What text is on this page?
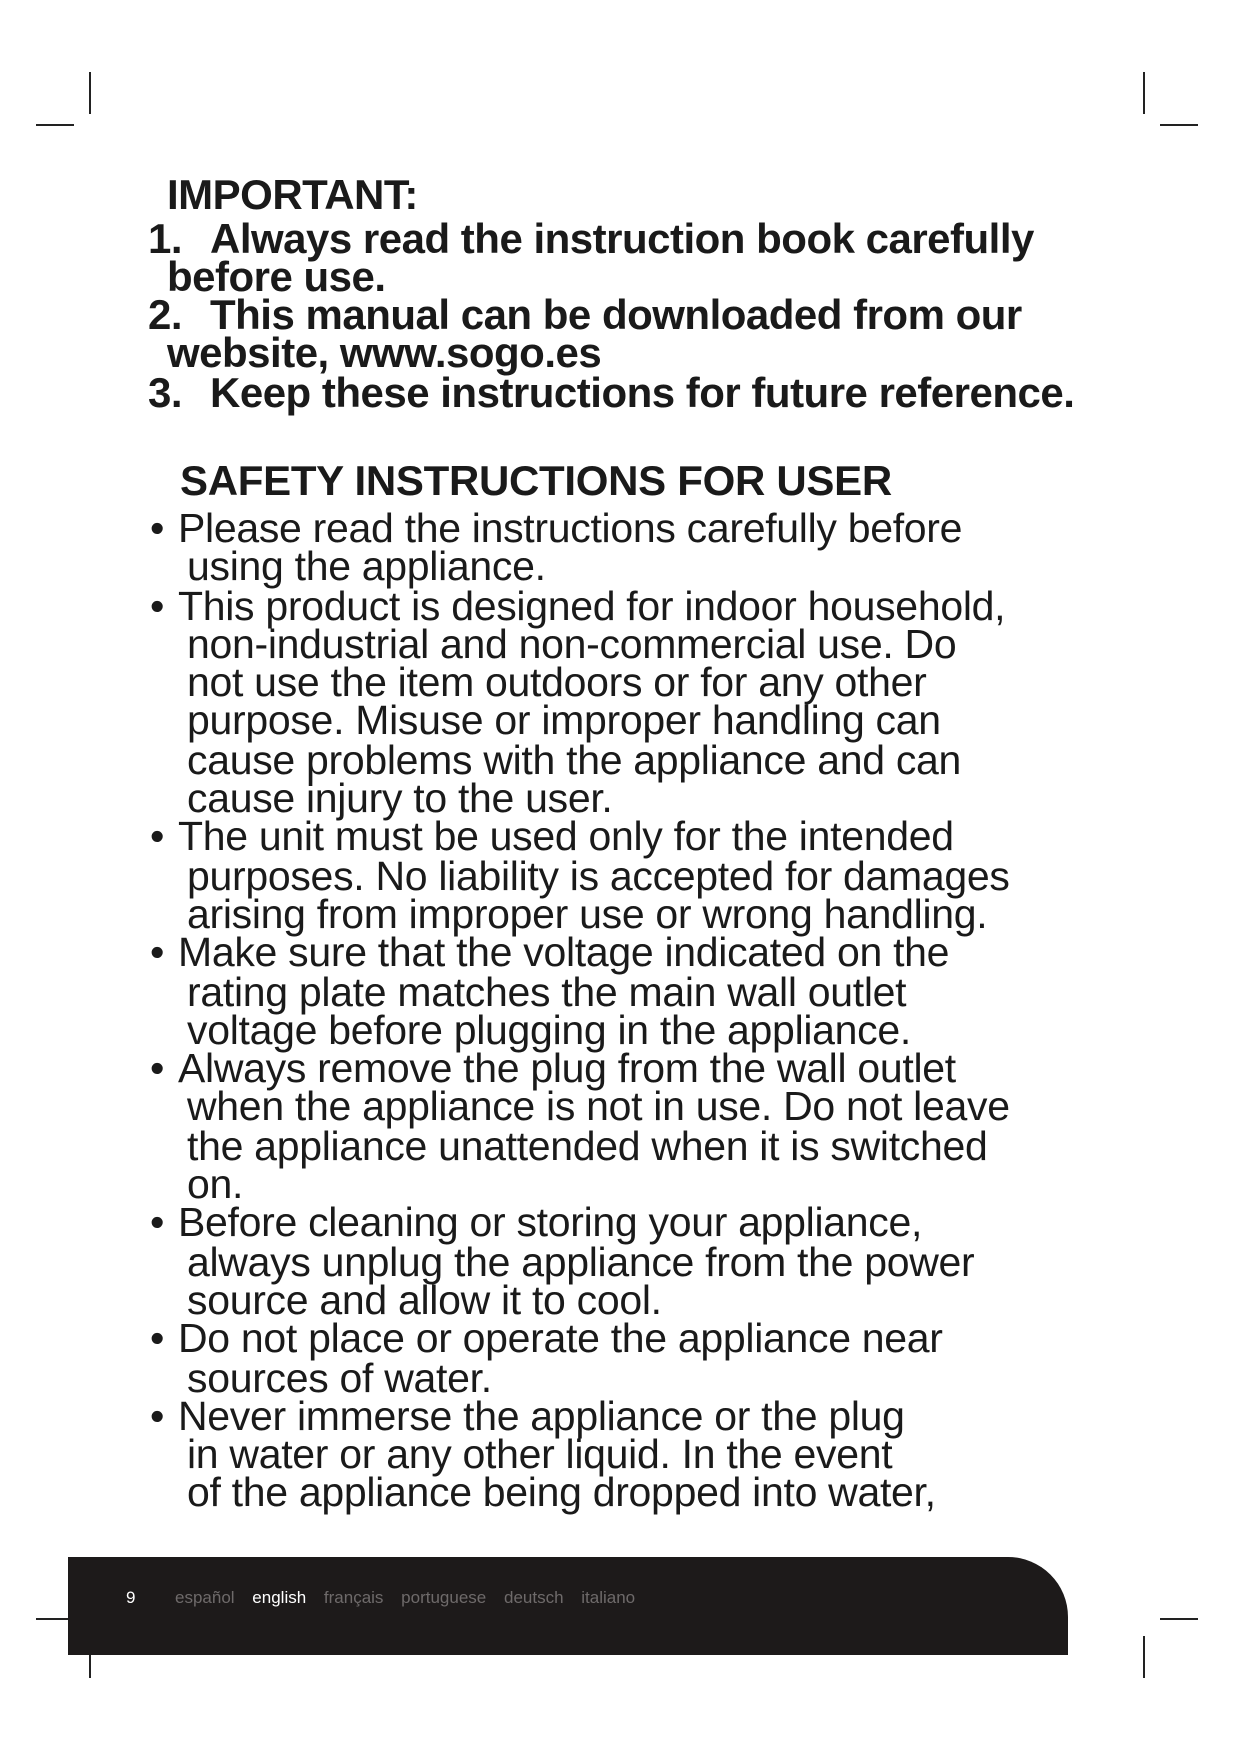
IMPORTANT:
1. Always read the instruction book carefully
before use.
2. This manual can be downloaded from our
website, www.sogo.es
3. Keep these instructions for future reference.
SAFETY INSTRUCTIONS FOR USER
• Please read the instructions carefully before
using the appliance.
• This product is designed for indoor household,
non-industrial and non-commercial use. Do
not use the item outdoors or for any other
purpose. Misuse or improper handling can
cause problems with the appliance and can
cause injury to the user.
• The unit must be used only for the intended
purposes. No liability is accepted for damages
arising from improper use or wrong handling.
• Make sure that the voltage indicated on the
rating plate matches the main wall outlet
voltage before plugging in the appliance.
• Always remove the plug from the wall outlet
when the appliance is not in use. Do not leave
the appliance unattended when it is switched
on.
• Before cleaning or storing your appliance,
always unplug the appliance from the power
source and allow it to cool.
• Do not place or operate the appliance near
sources of water.
• Never immerse the appliance or the plug
in water or any other liquid. In the event
of the appliance being dropped into water,
9 español english français portuguese deutsch italiano
